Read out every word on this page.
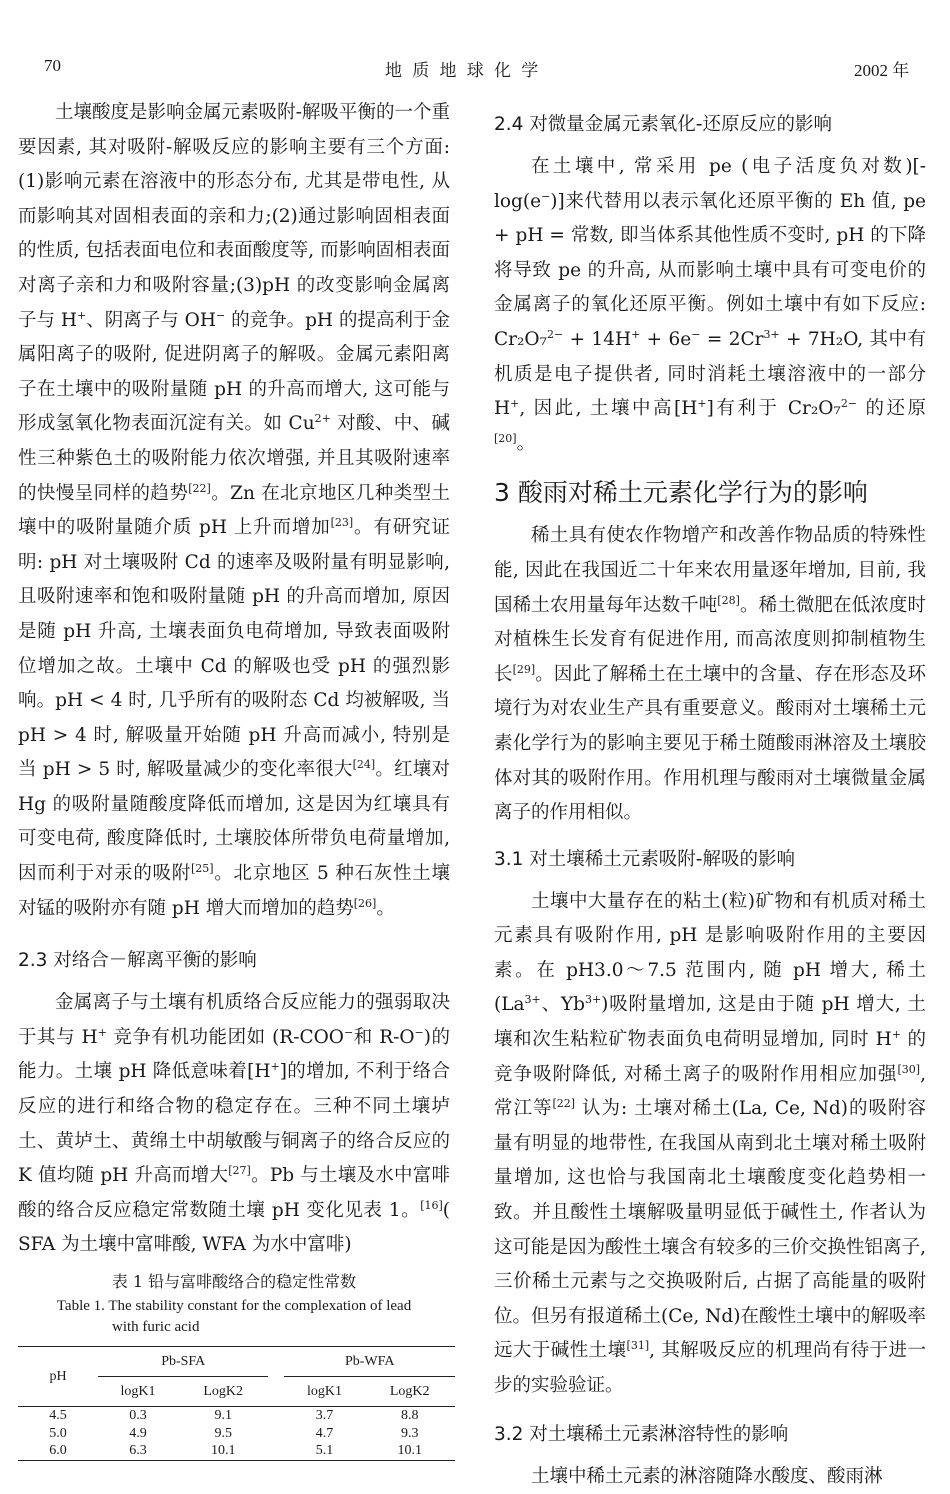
70	地 质 地 球 化 学	2002 年

土壤酸度是影响金属元素吸附-解吸平衡的一个重要因素, 其对吸附-解吸反应的影响主要有三个方面:(1)影响元素在溶液中的形态分布, 尤其是带电性, 从而影响其对固相表面的亲和力;(2)通过影响固相表面的性质, 包括表面电位和表面酸度等, 而影响固相表面对离子亲和力和吸附容量;(3)pH 的改变影响金属离子与 H+、阴离子与 OH− 的竞争。pH 的提高利于金属阳离子的吸附, 促进阴离子的解吸。金属元素阳离子在土壤中的吸附量随 pH 的升高而增大, 这可能与形成氢氧化物表面沉淀有关。如 $Cu^{2+}$ 对酸、中、碱性三种紫色土的吸附能力依次增强, 并且其吸附速率的快慢呈同样的趋势[22]。Zn 在北京地区几种类型土壤中的吸附量随介质 pH 上升而增加[23]。有研究证明: pH 对土壤吸附 Cd 的速率及吸附量有明显影响, 且吸附速率和饱和吸附量随 pH 的升高而增加, 原因是随 pH 升高, 土壤表面负电荷增加, 导致表面吸附位增加之故。土壤中 Cd 的解吸也受 pH 的强烈影响。pH < 4 时, 几乎所有的吸附态 Cd 均被解吸, 当 pH > 4 时, 解吸量开始随 pH 升高而减小, 特别是当 pH > 5 时, 解吸量减少的变化率很大[24]。红壤对 Hg 的吸附量随酸度降低而增加, 这是因为红壤具有可变电荷, 酸度降低时, 土壤胶体所带负电荷量增加, 因而利于对汞的吸附[25]。北京地区 5 种石灰性土壤对锰的吸附亦有随 pH 增大而增加的趋势[26]。

2.3 对络合－解离平衡的影响

金属离子与土壤有机质络合反应能力的强弱取决于其与 H+ 竞争有机功能团如 (R-COO−和 R-O−)的能力。土壤 pH 降低意味着[H+]的增加, 不利于络合反应的进行和络合物的稳定存在。三种不同土壤垆土、黄垆土、黄绵土中胡敏酸与铜离子的络合反应的 K 值均随 pH 升高而增大[27]。Pb 与土壤及水中富啡酸的络合反应稳定常数随土壤 pH 变化见表 1。[16]( SFA 为土壤中富啡酸, WFA 为水中富啡)

表 1 铅与富啡酸络合的稳定性常数
Table 1. The stability constant for the complexation of lead
with furic acid
pH	Pb-SFA			Pb-WFA	
	logK1	LogK2		logK1	LogK2
4.5	0.3	9.1		3.7	8.8
5.0	4.9	9.5		4.7	9.3
6.0	6.3	10.1		5.1	10.1
2.4 对微量金属元素氧化-还原反应的影响

在土壤中, 常采用 pe (电子活度负对数)[-log(e−)]来代替用以表示氧化还原平衡的 Eh 值, pe + pH = 常数, 即当体系其他性质不变时, pH 的下降将导致 pe 的升高, 从而影响土壤中具有可变电价的金属离子的氧化还原平衡。例如土壤中有如下反应: $Cr_2O_7^{2-} + 14H^+ + 6e^- = 2Cr^{3+} + 7H_2O$, 其中有机质是电子提供者, 同时消耗土壤溶液中的一部分 H+, 因此, 土壤中高[H+]有利于 Cr₂O₇$^{2-}$ 的还原[20]。

3 酸雨对稀土元素化学行为的影响

稀土具有使农作物增产和改善作物品质的特殊性能, 因此在我国近二十年来农用量逐年增加, 目前, 我国稀土农用量每年达数千吨[28]。稀土微肥在低浓度时对植株生长发育有促进作用, 而高浓度则抑制植物生长[29]。因此了解稀土在土壤中的含量、存在形态及环境行为对农业生产具有重要意义。酸雨对土壤稀土元素化学行为的影响主要见于稀土随酸雨淋溶及土壤胶体对其的吸附作用。作用机理与酸雨对土壤微量金属离子的作用相似。

3.1 对土壤稀土元素吸附-解吸的影响

土壤中大量存在的粘土(粒)矿物和有机质对稀土元素具有吸附作用, pH 是影响吸附作用的主要因素。在 pH3.0～7.5 范围内, 随 pH 增大, 稀土($La^{3+}$、$Yb^{3+}$)吸附量增加, 这是由于随 pH 增大, 土壤和次生粘粒矿物表面负电荷明显增加, 同时 H+ 的竞争吸附降低, 对稀土离子的吸附作用相应加强[30], 常江等[22] 认为: 土壤对稀土(La, Ce, Nd)的吸附容量有明显的地带性, 在我国从南到北土壤对稀土吸附量增加, 这也恰与我国南北土壤酸度变化趋势相一致。并且酸性土壤解吸量明显低于碱性土, 作者认为这可能是因为酸性土壤含有较多的三价交换性铝离子, 三价稀土元素与之交换吸附后, 占据了高能量的吸附位。但另有报道稀土(Ce, Nd)在酸性土壤中的解吸率远大于碱性土壤[31], 其解吸反应的机理尚有待于进一步的实验验证。

3.2 对土壤稀土元素淋溶特性的影响

土壤中稀土元素的淋溶随降水酸度、酸雨淋
